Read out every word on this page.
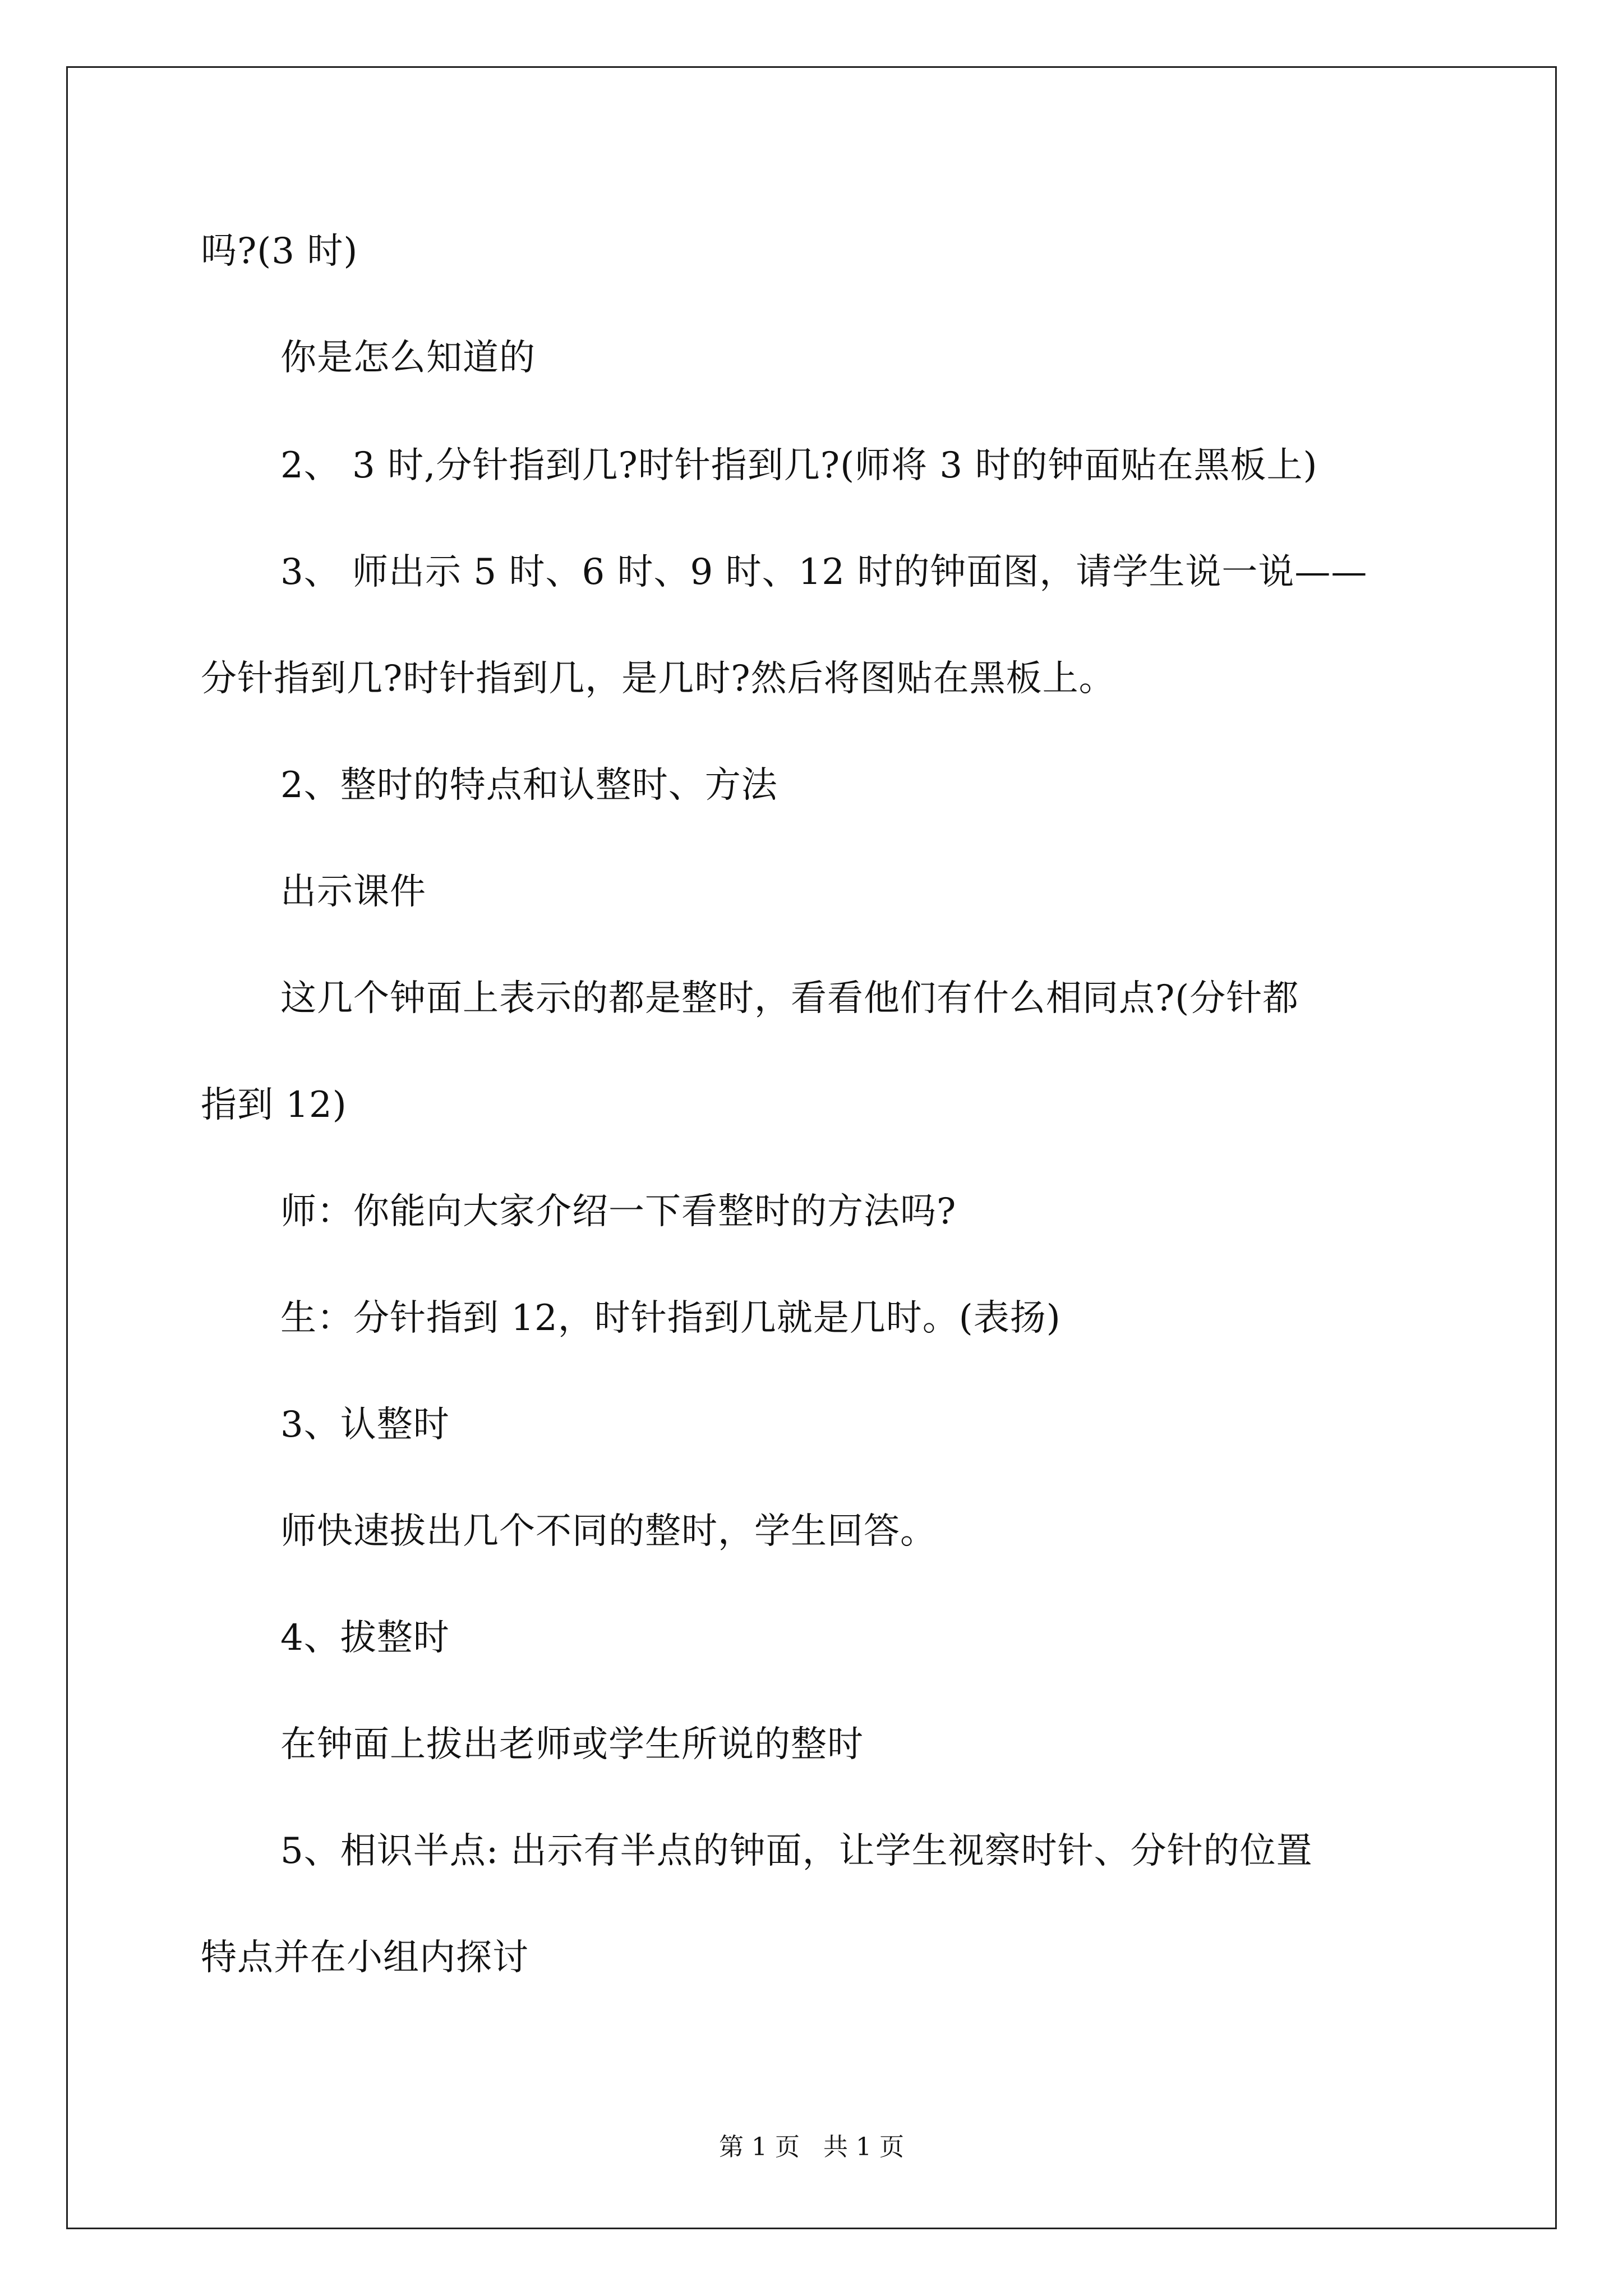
吗?(3 时)
你是怎么知道的
2、 3 时,分针指到几?时针指到几?(师将 3 时的钟面贴在黑板上)
3、 师出示 5 时、6 时、9 时、12 时的钟面图，请学生说一说——
分针指到几?时针指到几，是几时?然后将图贴在黑板上。
2、整时的特点和认整时、方法
出示课件
这几个钟面上表示的都是整时，看看他们有什么相同点?(分针都
指到 12)
师：你能向大家介绍一下看整时的方法吗?
生：分针指到 12，时针指到几就是几时。(表扬)
3、认整时
师快速拔出几个不同的整时，学生回答。
4、拔整时
在钟面上拔出老师或学生所说的整时
5、相识半点: 出示有半点的钟面，让学生视察时针、分针的位置
特点并在小组内探讨
第 1 页 共 1 页
